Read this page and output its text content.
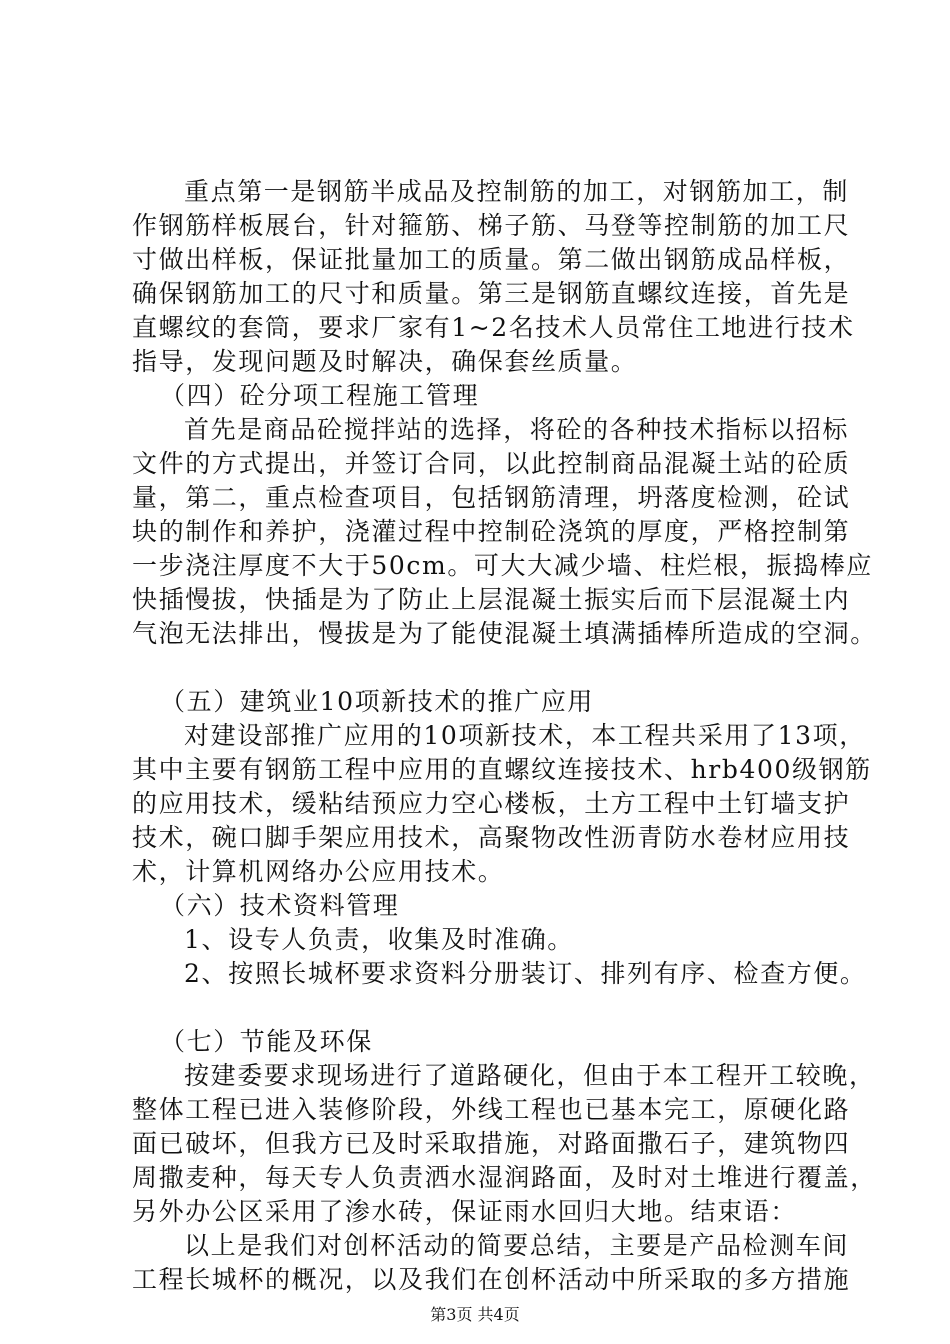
重点第一是钢筋半成品及控制筋的加工，对钢筋加工，制
作钢筋样板展台，针对箍筋、梯子筋、马登等控制筋的加工尺
寸做出样板，保证批量加工的质量。第二做出钢筋成品样板，
确保钢筋加工的尺寸和质量。第三是钢筋直螺纹连接，首先是
直螺纹的套筒，要求厂家有1~2名技术人员常住工地进行技术
指导，发现问题及时解决，确保套丝质量。
（四）砼分项工程施工管理
首先是商品砼搅拌站的选择，将砼的各种技术指标以招标
文件的方式提出，并签订合同，以此控制商品混凝土站的砼质
量，第二，重点检查项目，包括钢筋清理，坍落度检测，砼试
块的制作和养护，浇灌过程中控制砼浇筑的厚度，严格控制第
一步浇注厚度不大于50cm。可大大减少墙、柱烂根，振捣棒应
快插慢拔，快插是为了防止上层混凝土振实后而下层混凝土内
气泡无法排出，慢拔是为了能使混凝土填满插棒所造成的空洞。
（五）建筑业10项新技术的推广应用
对建设部推广应用的10项新技术，本工程共采用了13项，
其中主要有钢筋工程中应用的直螺纹连接技术、hrb400级钢筋
的应用技术，缓粘结预应力空心楼板，土方工程中土钉墙支护
技术，碗口脚手架应用技术，高聚物改性沥青防水卷材应用技
术，计算机网络办公应用技术。
（六）技术资料管理
1、设专人负责，收集及时准确。
2、按照长城杯要求资料分册装订、排列有序、检查方便。
（七）节能及环保
按建委要求现场进行了道路硬化，但由于本工程开工较晚，
整体工程已进入装修阶段，外线工程也已基本完工，原硬化路
面已破坏，但我方已及时采取措施，对路面撒石子，建筑物四
周撒麦种，每天专人负责洒水湿润路面，及时对土堆进行覆盖，
另外办公区采用了渗水砖，保证雨水回归大地。结束语：
以上是我们对创杯活动的简要总结，主要是产品检测车间
工程长城杯的概况，以及我们在创杯活动中所采取的多方措施
第3页 共4页
